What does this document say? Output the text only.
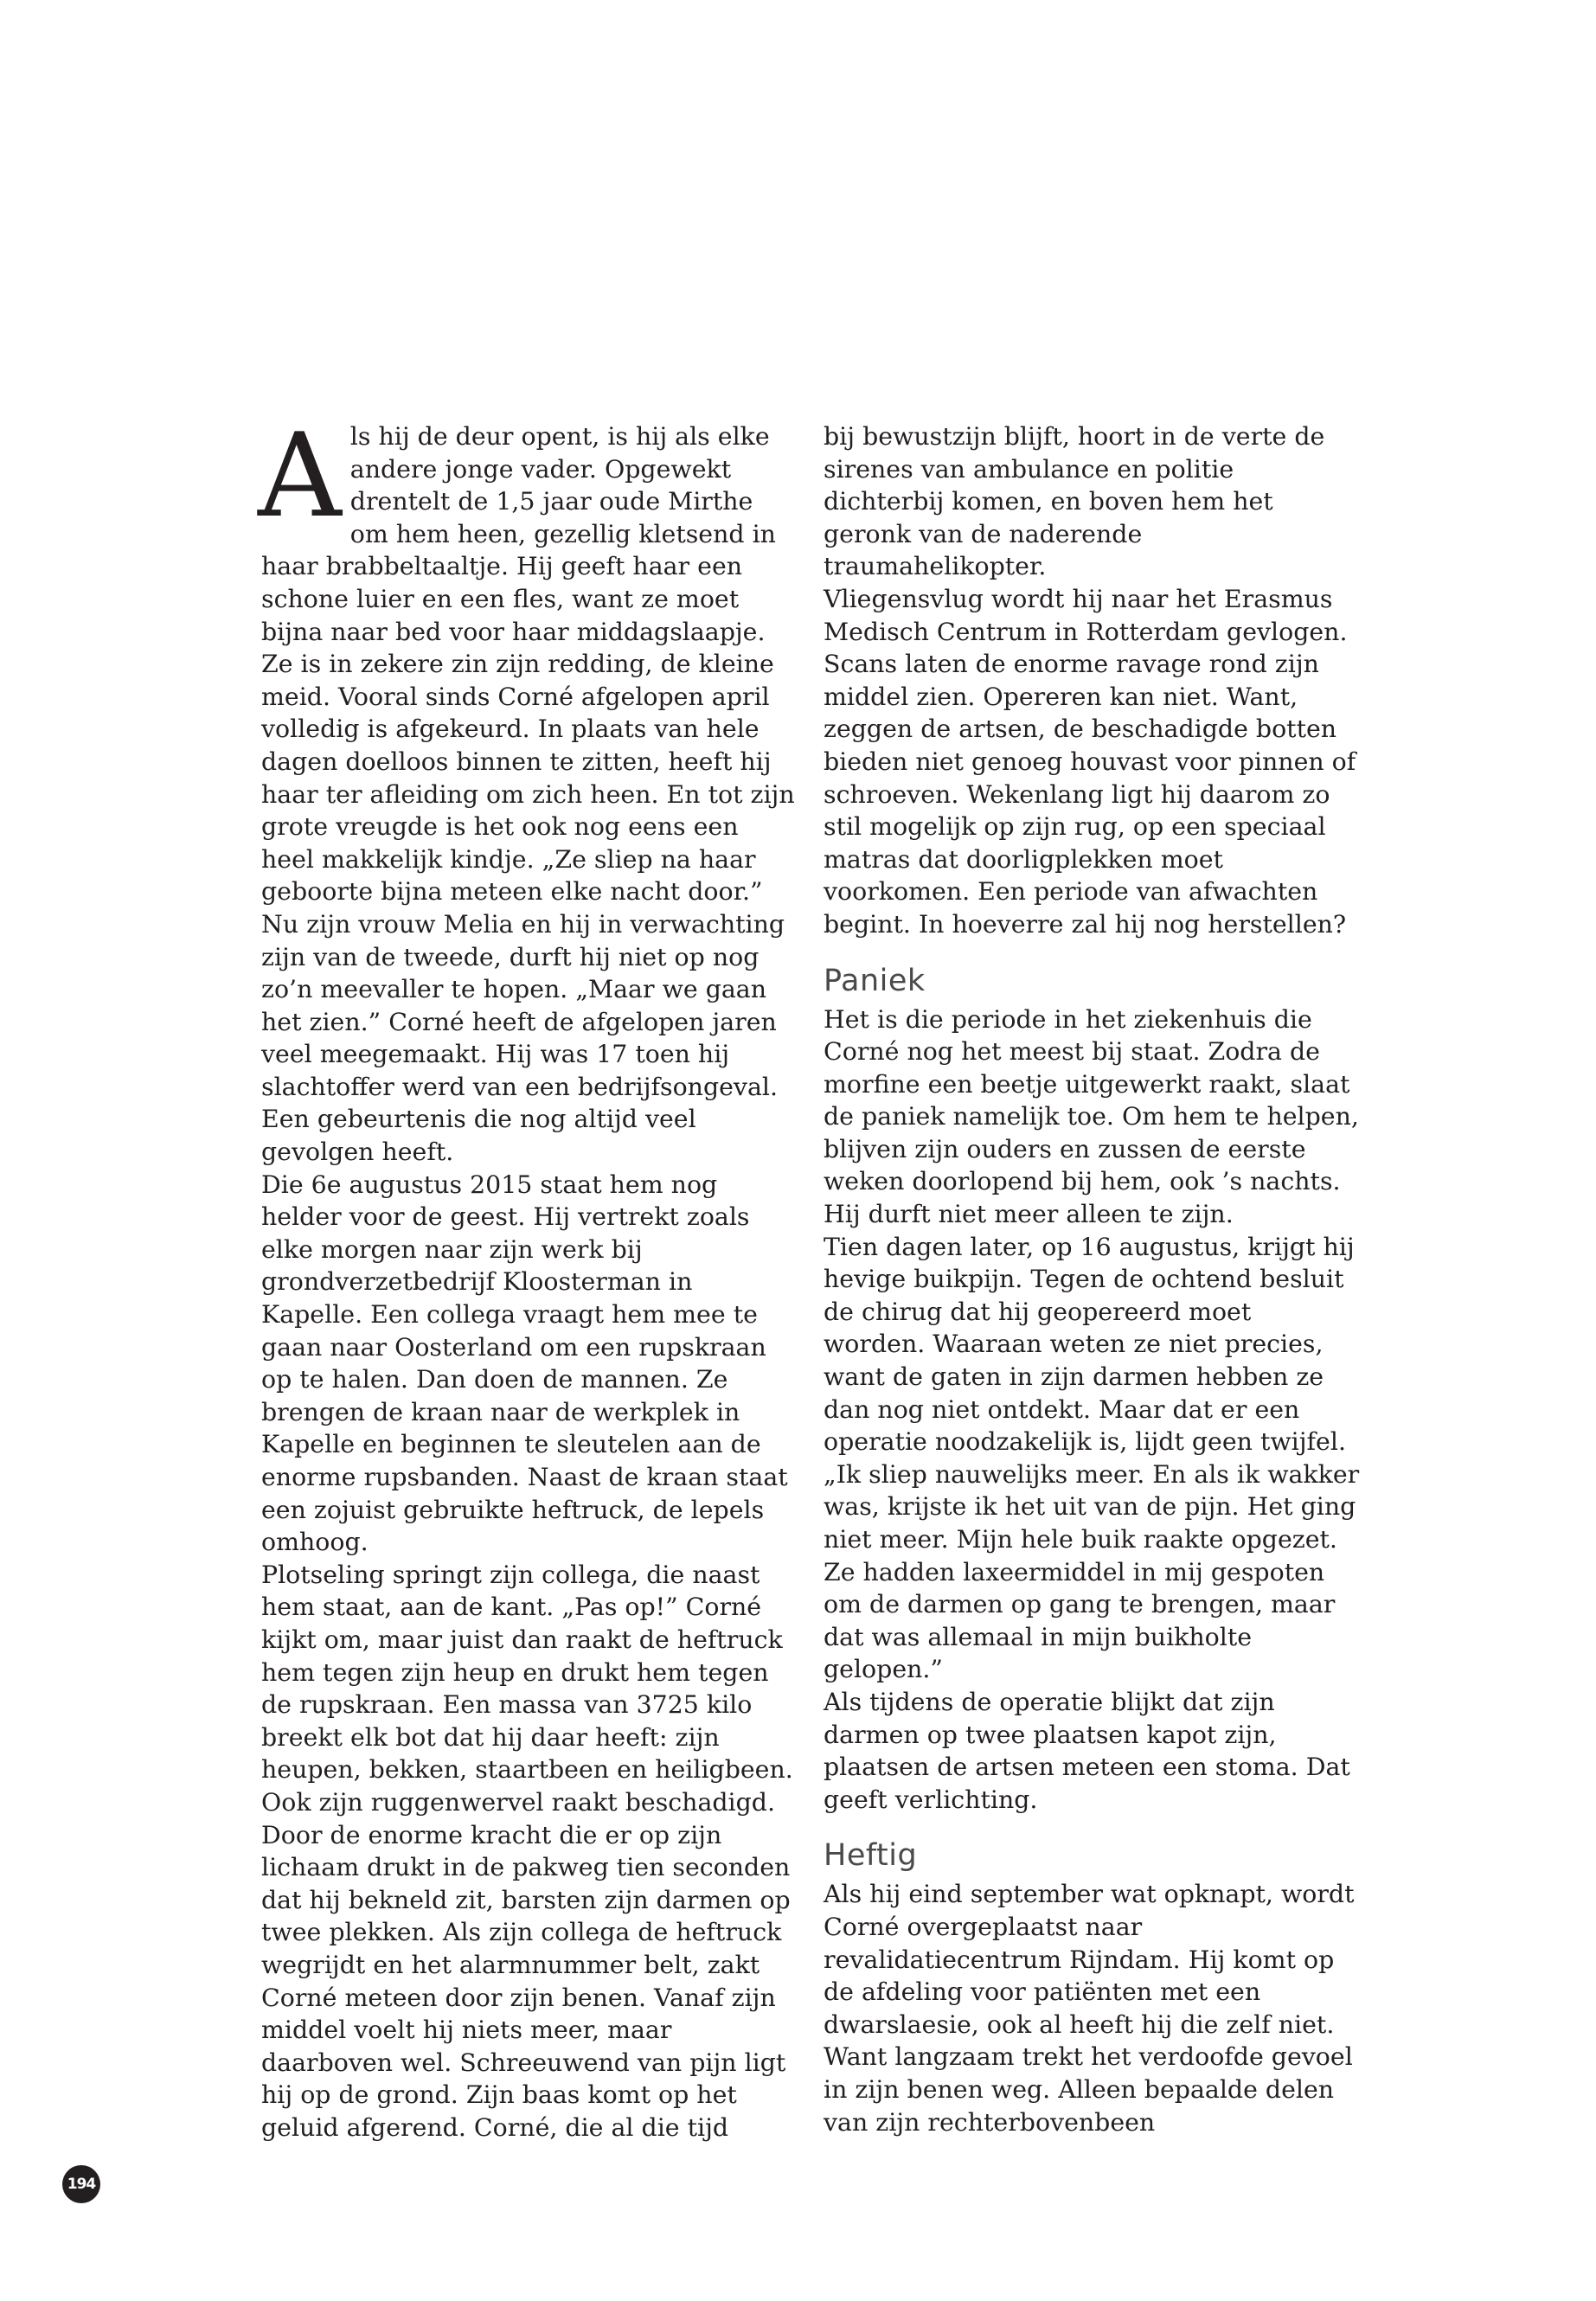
Als hij de deur opent, is hij als elke andere jonge vader. Opgewekt drentelt de 1,5 jaar oude Mirthe om hem heen, gezellig kletsend in haar brabbeltaaltje. Hij geeft haar een schone luier en een fles, want ze moet bijna naar bed voor haar middagslaapje.

Ze is in zekere zin zijn redding, de kleine meid. Vooral sinds Corné afgelopen april volledig is afgekeurd. In plaats van hele dagen doelloos binnen te zitten, heeft hij haar ter afleiding om zich heen. En tot zijn grote vreugde is het ook nog eens een heel makkelijk kindje. „Ze sliep na haar geboorte bijna meteen elke nacht door.” Nu zijn vrouw Melia en hij in verwachting zijn van de tweede, durft hij niet op nog zo’n meevaller te hopen. „Maar we gaan het zien.” Corné heeft de afgelopen jaren veel meegemaakt. Hij was 17 toen hij slachtoffer werd van een bedrijfsongeval. Een gebeurtenis die nog altijd veel gevolgen heeft.

Die 6e augustus 2015 staat hem nog helder voor de geest. Hij vertrekt zoals elke morgen naar zijn werk bij grondverzetbedrijf Kloosterman in Kapelle. Een collega vraagt hem mee te gaan naar Oosterland om een rupskraan op te halen. Dan doen de mannen. Ze brengen de kraan naar de werkplek in Kapelle en beginnen te sleutelen aan de enorme rupsbanden. Naast de kraan staat een zojuist gebruikte heftruck, de lepels omhoog.

Plotseling springt zijn collega, die naast hem staat, aan de kant. „Pas op!” Corné kijkt om, maar juist dan raakt de heftruck hem tegen zijn heup en drukt hem tegen de rupskraan. Een massa van 3725 kilo breekt elk bot dat hij daar heeft: zijn heupen, bekken, staartbeen en heiligbeen. Ook zijn ruggenwervel raakt beschadigd. Door de enorme kracht die er op zijn lichaam drukt in de pakweg tien seconden dat hij bekneld zit, barsten zijn darmen op twee plekken. Als zijn collega de heftruck wegrijdt en het alarmnummer belt, zakt Corné meteen door zijn benen. Vanaf zijn middel voelt hij niets meer, maar daarboven wel. Schreeuwend van pijn ligt hij op de grond. Zijn baas komt op het geluid afgerend. Corné, die al die tijd

bij bewustzijn blijft, hoort in de verte de sirenes van ambulance en politie dichterbij komen, en boven hem het geronk van de naderende traumahelikopter.

Vliegensvlug wordt hij naar het Erasmus Medisch Centrum in Rotterdam gevlogen. Scans laten de enorme ravage rond zijn middel zien. Opereren kan niet. Want, zeggen de artsen, de beschadigde botten bieden niet genoeg houvast voor pinnen of schroeven. Wekenlang ligt hij daarom zo stil mogelijk op zijn rug, op een speciaal matras dat doorligplekken moet voorkomen. Een periode van afwachten begint. In hoeverre zal hij nog herstellen?

Paniek

Het is die periode in het ziekenhuis die Corné nog het meest bij staat. Zodra de morfine een beetje uitgewerkt raakt, slaat de paniek namelijk toe. Om hem te helpen, blijven zijn ouders en zussen de eerste weken doorlopend bij hem, ook ’s nachts. Hij durft niet meer alleen te zijn.

Tien dagen later, op 16 augustus, krijgt hij hevige buikpijn. Tegen de ochtend besluit de chirug dat hij geopereerd moet worden. Waaraan weten ze niet precies, want de gaten in zijn darmen hebben ze dan nog niet ontdekt. Maar dat er een operatie noodzakelijk is, lijdt geen twijfel. „Ik sliep nauwelijks meer. En als ik wakker was, krijste ik het uit van de pijn. Het ging niet meer. Mijn hele buik raakte opgezet. Ze hadden laxeermiddel in mij gespoten om de darmen op gang te brengen, maar dat was allemaal in mijn buikholte gelopen.”

Als tijdens de operatie blijkt dat zijn darmen op twee plaatsen kapot zijn, plaatsen de artsen meteen een stoma. Dat geeft verlichting.

Heftig

Als hij eind september wat opknapt, wordt Corné overgeplaatst naar revalidatiecentrum Rijndam. Hij komt op de afdeling voor patiënten met een dwarslaesie, ook al heeft hij die zelf niet. Want langzaam trekt het verdoofde gevoel in zijn benen weg. Alleen bepaalde delen van zijn rechterbovenbeen

194
